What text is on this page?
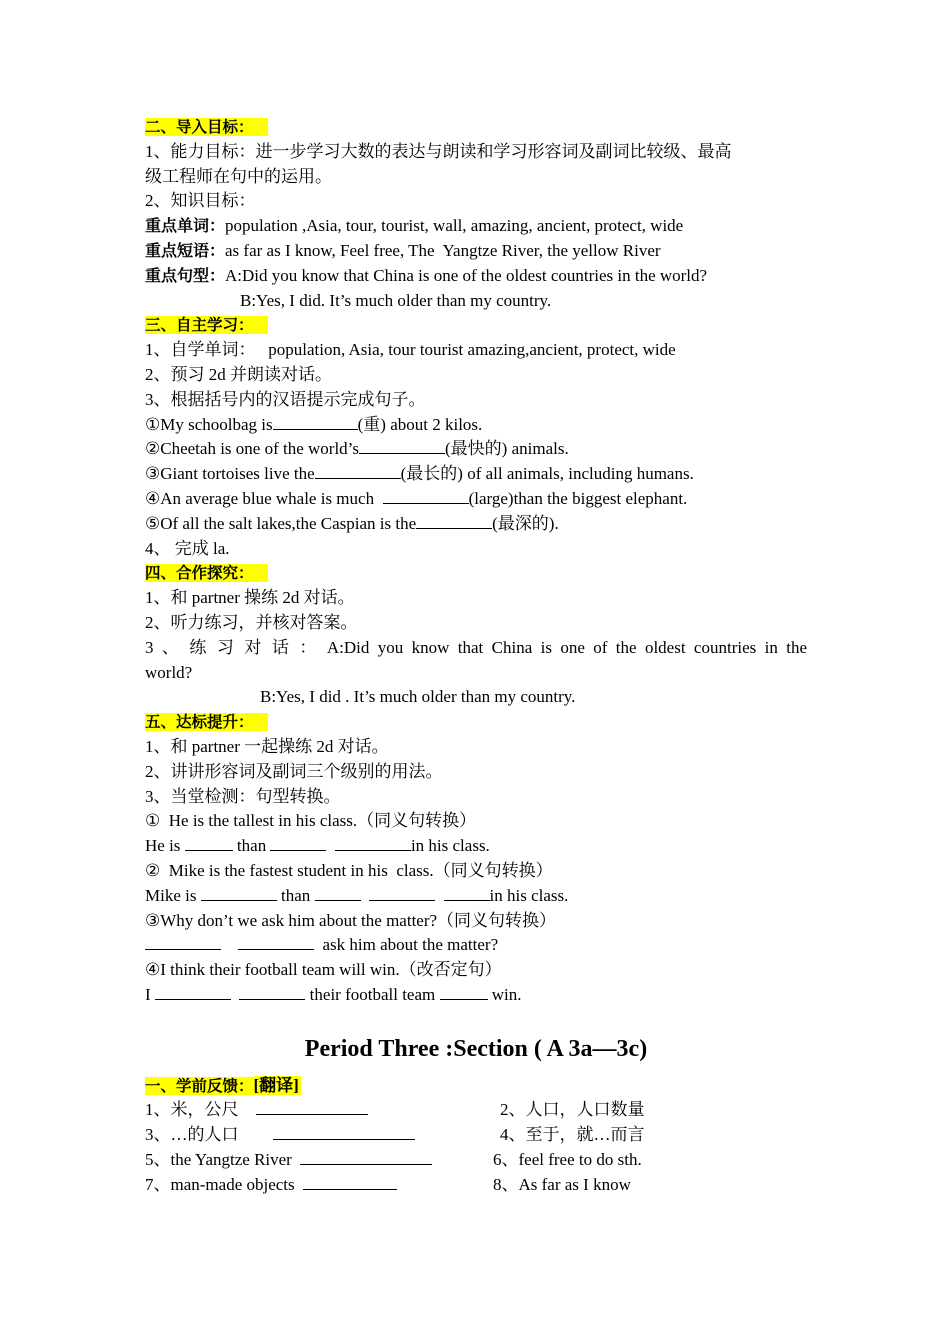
二、导入目标：
1、能力目标：进一步学习大数的表达与朗读和学习形容词及副词比较级、最高
级工程师在句中的运用。
2、知识目标：
重点单词：population ,Asia, tour, tourist, wall, amazing, ancient, protect, wide
重点短语：as far as I know, Feel free, The  Yangtze River, the yellow River
重点句型：A:Did you know that China is one of the oldest countries in the world?
B:Yes, I did. It’s much older than my country.
三、自主学习：
1、自学单词：   population, Asia, tour tourist amazing,ancient, protect, wide
2、预习 2d 并朗读对话。
3、根据括号内的汉语提示完成句子。
①My schoolbag is	(重) about 2 kilos.
②Cheetah is one of the world’s	(最快的) animals.
③Giant tortoises live the	(最长的) of all animals, including humans.
④An average blue whale is much	(large)than the biggest elephant.
⑤Of all the salt lakes,the Caspian is the	(最深的).
4、 完成 la.
四、合作探究：
1、和 partner 操练 2d 对话。
2、听力练习，并核对答案。
3 、 练 习 对 话 ： A:Did you know that China is one of the oldest countries in the
world?
B:Yes, I did . It’s much older than my country.
五、达标提升：
1、和 partner 一起操练 2d 对话。
2、讲讲形容词及副词三个级别的用法。
3、当堂检测：句型转换。
①  He is the tallest in his class.（同义句转换）
He is	than	in his class.
②  Mike is the fastest student in his  class.（同义句转换）
Mike is	than	in his class.
③Why don’t we ask him about the matter?（同义句转换）
ask him about the matter?
④I think their football team will win.（改否定句）
I	their football team	win.
Period Three :Section ( A 3a—3c)
一、学前反馈：[翻译]
1、米，公尺	2、人口，人口数量
3、…的人口	4、至于，就…而言
5、the Yangtze River	6、feel free to do sth.
7、man-made objects	8、As far as I know
